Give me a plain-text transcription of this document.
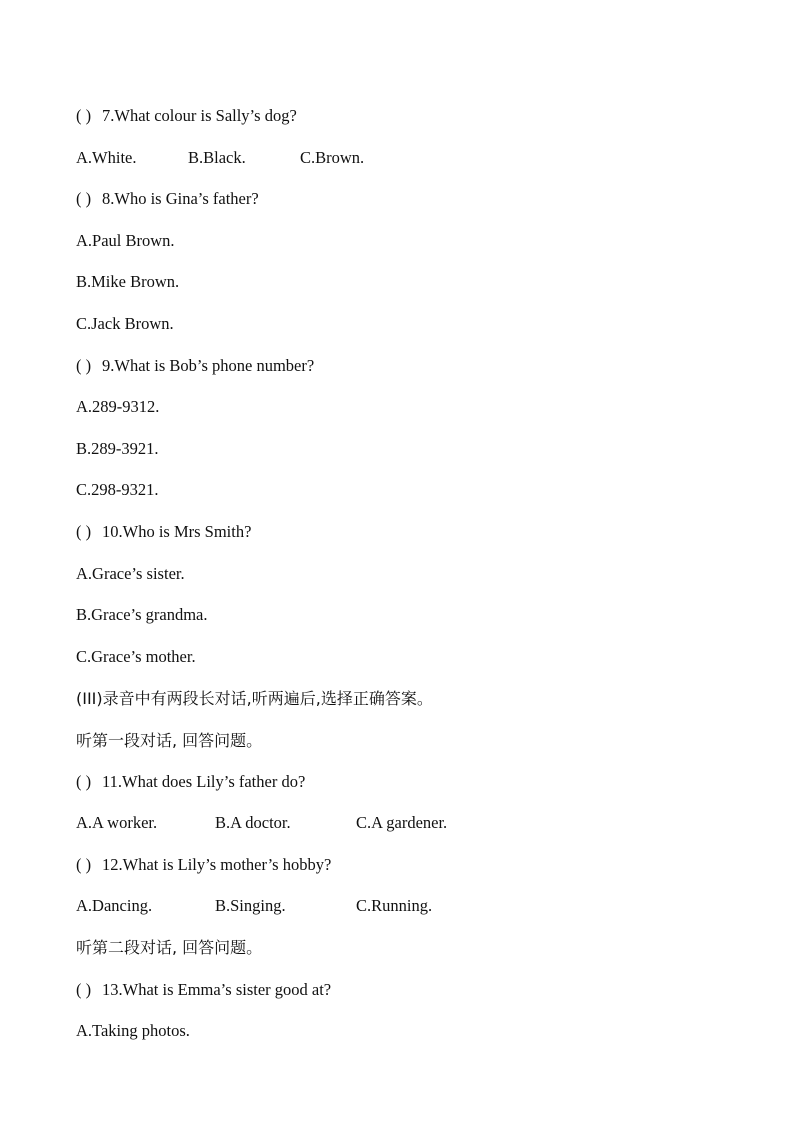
( ) 7.What colour is Sally’s dog?
A.White.	B.Black.	C.Brown.
( ) 8.Who is Gina’s father?
A.Paul Brown.
B.Mike Brown.
C.Jack Brown.
( ) 9.What is Bob’s phone number?
A.289-9312.
B.289-3921.
C.298-9321.
( ) 10.Who is Mrs Smith?
A.Grace’s sister.
B.Grace’s grandma.
C.Grace’s mother.
(III)录音中有两段长对话,听两遍后,选择正确答案。
听第一段对话, 回答问题。
( ) 11.What does Lily’s father do?
A.A worker.	B.A doctor.	C.A gardener.
( ) 12.What is Lily’s mother’s hobby?
A.Dancing.	B.Singing.	C.Running.
听第二段对话, 回答问题。
( ) 13.What is Emma’s sister good at?
A.Taking photos.
